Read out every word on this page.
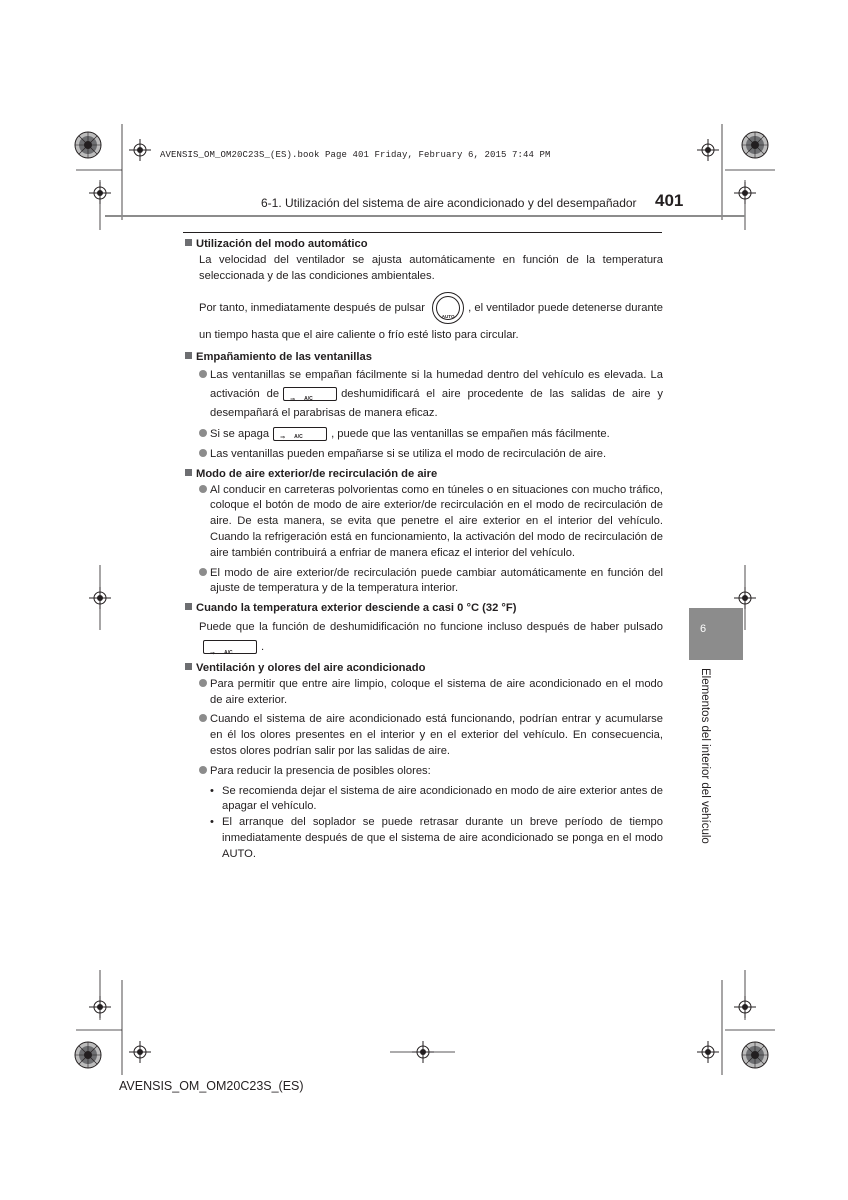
AVENSIS_OM_OM20C23S_(ES).book Page 401 Friday, February 6, 2015 7:44 PM
6-1. Utilización del sistema de aire acondicionado y del desempañador 401
Utilización del modo automático
La velocidad del ventilador se ajusta automáticamente en función de la temperatura seleccionada y de las condiciones ambientales.
Por tanto, inmediatamente después de pulsar
AUTO
, el ventilador puede detenerse durante un tiempo hasta que el aire caliente o frío esté listo para circular.
Empañamiento de las ventanillas
Las ventanillas se empañan fácilmente si la humedad dentro del vehículo es elevada. La activación de
⇒ A/C	deshumidificará el aire procedente de las salidas de aire y desempañará el parabrisas de manera eficaz.
Si se apaga ⇒ A/C	, puede que las ventanillas se empañen más fácilmente.
Las ventanillas pueden empañarse si se utiliza el modo de recirculación de aire.
Modo de aire exterior/de recirculación de aire
Al conducir en carreteras polvorientas como en túneles o en situaciones con mucho tráfico, coloque el botón de modo de aire exterior/de recirculación en el modo de recirculación de aire. De esta manera, se evita que penetre el aire exterior en el interior del vehículo. Cuando la refrigeración está en funcionamiento, la activación del modo de recirculación de aire también contribuirá a enfriar de manera eficaz el interior del vehículo.
El modo de aire exterior/de recirculación puede cambiar automáticamente en función del ajuste de temperatura y de la temperatura interior.
Cuando la temperatura exterior desciende a casi 0 °C (32 °F)
Puede que la función de deshumidificación no funcione incluso después de haber pulsado
⇒ A/C
.
Ventilación y olores del aire acondicionado
Para permitir que entre aire limpio, coloque el sistema de aire acondicionado en el modo de aire exterior.
Cuando el sistema de aire acondicionado está funcionando, podrían entrar y acumularse en él los olores presentes en el interior y en el exterior del vehículo. En consecuencia, estos olores podrían salir por las salidas de aire.
Para reducir la presencia de posibles olores:
• Se recomienda dejar el sistema de aire acondicionado en modo de aire exterior antes de apagar el vehículo.
• El arranque del soplador se puede retrasar durante un breve período de tiempo inmediatamente después de que el sistema de aire acondicionado se ponga en el modo AUTO.
6
Elementos del interior del vehículo
AVENSIS_OM_OM20C23S_(ES)
